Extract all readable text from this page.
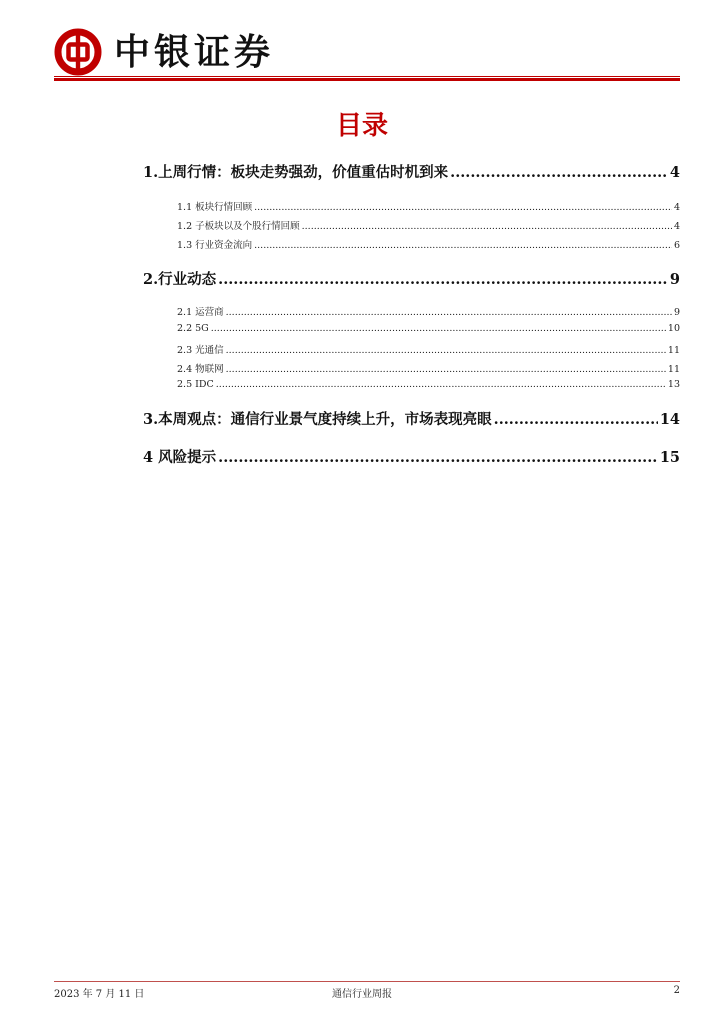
中银证券
目录
1.上周行情：板块走势强劲，价值重估时机到来 .....	4
1.1 板块行情回顾 .....	4
1.2 子板块以及个股行情回顾 .....	4
1.3 行业资金流向 .....	6
2.行业动态 .....	9
2.1 运营商 .....	9
2.2 5G .....	10
2.3 光通信 .....	11
2.4 物联网 .....	11
2.5 IDC .....	13
3.本周观点：通信行业景气度持续上升，市场表现亮眼 .....	14
4 风险提示 .....	15
2023 年 7 月 11 日	通信行业周报	2
